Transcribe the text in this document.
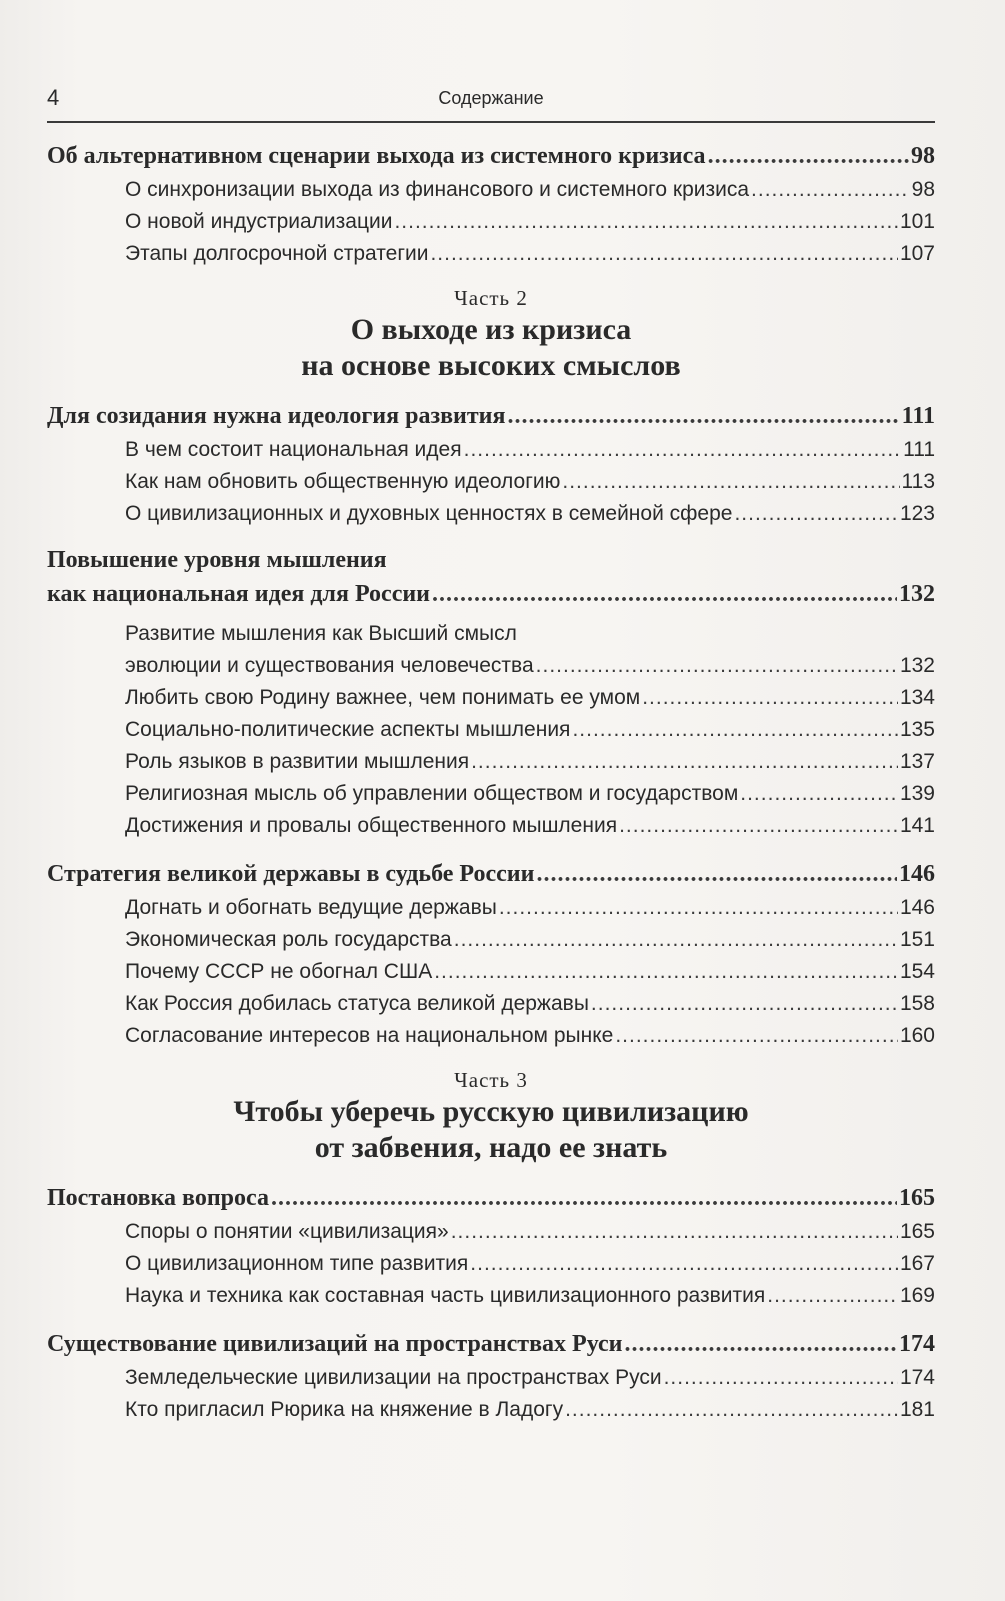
4	Содержание
Об альтернативном сценарии выхода из системного кризиса .....	98
О синхронизации выхода из финансового и системного кризиса .....	98
О новой индустриализации .....	101
Этапы долгосрочной стратегии .....	107
Часть 2
О выходе из кризиса
на основе высоких смыслов
Для созидания нужна идеология развития .....	111
В чем состоит национальная идея .....	111
Как нам обновить общественную идеологию .....	113
О цивилизационных и духовных ценностях в семейной сфере .....	123
Повышение уровня мышления
как национальная идея для России .....	132
Развитие мышления как Высший смысл
эволюции и существования человечества .....	132
Любить свою Родину важнее, чем понимать ее умом .....	134
Социально-политические аспекты мышления .....	135
Роль языков в развитии мышления .....	137
Религиозная мысль об управлении обществом и государством .....	139
Достижения и провалы общественного мышления .....	141
Стратегия великой державы в судьбе России .....	146
Догнать и обогнать ведущие державы .....	146
Экономическая роль государства .....	151
Почему СССР не обогнал США .....	154
Как Россия добилась статуса великой державы .....	158
Согласование интересов на национальном рынке .....	160
Часть 3
Чтобы уберечь русскую цивилизацию
от забвения, надо ее знать
Постановка вопроса .....	165
Споры о понятии «цивилизация» .....	165
О цивилизационном типе развития .....	167
Наука и техника как составная часть цивилизационного развития .....	169
Существование цивилизаций на пространствах Руси .....	174
Земледельческие цивилизации на пространствах Руси .....	174
Кто пригласил Рюрика на княжение в Ладогу .....	181
